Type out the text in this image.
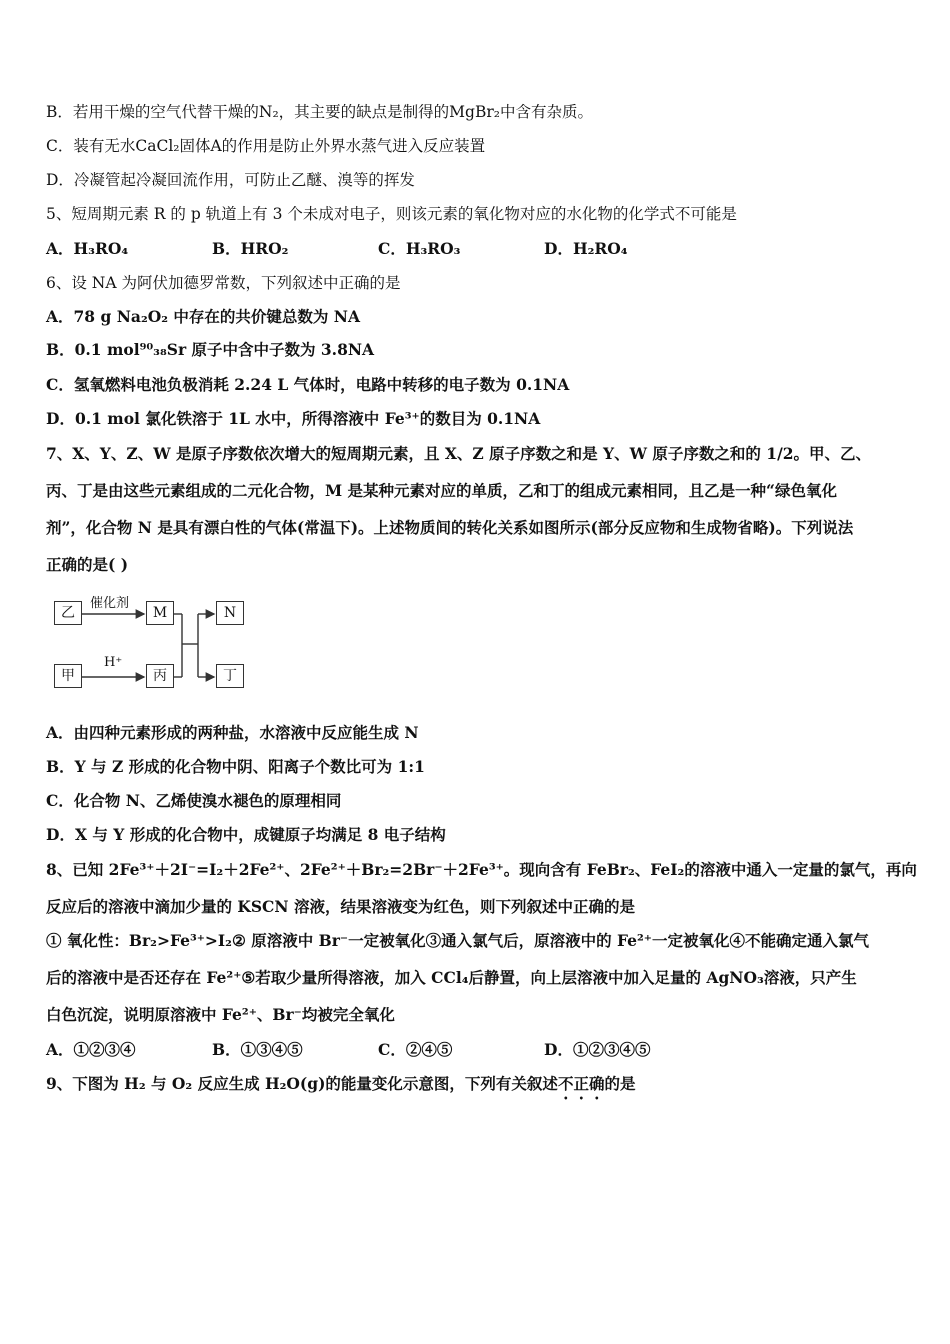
B．若用干燥的空气代替干燥的N₂，其主要的缺点是制得的MgBr₂中含有杂质。
C．装有无水CaCl₂固体A的作用是防止外界水蒸气进入反应装置
D．冷凝管起冷凝回流作用，可防止乙醚、溴等的挥发
5、短周期元素 R 的 p 轨道上有 3 个未成对电子，则该元素的氧化物对应的水化物的化学式不可能是
A．H₃RO₄	B．HRO₂	C．H₃RO₃	D．H₂RO₄
6、设 NA 为阿伏加德罗常数，下列叙述中正确的是
A．78 g Na₂O₂ 中存在的共价键总数为 NA
B．0.1 mol⁹⁰₃₈Sr 原子中含中子数为 3.8NA
C．氢氧燃料电池负极消耗 2.24 L 气体时，电路中转移的电子数为 0.1NA
D．0.1 mol 氯化铁溶于 1L 水中，所得溶液中 Fe³⁺的数目为 0.1NA
7、X、Y、Z、W 是原子序数依次增大的短周期元素，且 X、Z 原子序数之和是 Y、W 原子序数之和的 1/2。甲、乙、
丙、丁是由这些元素组成的二元化合物，M 是某种元素对应的单质，乙和丁的组成元素相同，且乙是一种“绿色氧化
剂”，化合物 N 是具有漂白性的气体(常温下)。上述物质间的转化关系如图所示(部分反应物和生成物省略)。下列说法
正确的是( )
乙	M	N
甲	丙	丁
催化剂
H⁺
A．由四种元素形成的两种盐，水溶液中反应能生成 N
B．Y 与 Z 形成的化合物中阴、阳离子个数比可为 1:1
C．化合物 N、乙烯使溴水褪色的原理相同
D．X 与 Y 形成的化合物中，成键原子均满足 8 电子结构
8、已知 2Fe³⁺＋2I⁻=I₂＋2Fe²⁺、2Fe²⁺＋Br₂=2Br⁻＋2Fe³⁺。现向含有 FeBr₂、FeI₂的溶液中通入一定量的氯气，再向
反应后的溶液中滴加少量的 KSCN 溶液，结果溶液变为红色，则下列叙述中正确的是
① 氧化性：Br₂>Fe³⁺>I₂② 原溶液中 Br⁻一定被氧化③通入氯气后，原溶液中的 Fe²⁺一定被氧化④不能确定通入氯气
后的溶液中是否还存在 Fe²⁺⑤若取少量所得溶液，加入 CCl₄后静置，向上层溶液中加入足量的 AgNO₃溶液，只产生
白色沉淀，说明原溶液中 Fe²⁺、Br⁻均被完全氧化
A．①②③④	B．①③④⑤	C．②④⑤	D．①②③④⑤
9、下图为 H₂ 与 O₂ 反应生成 H₂O(g)的能量变化示意图，下列有关叙述不正确的是
